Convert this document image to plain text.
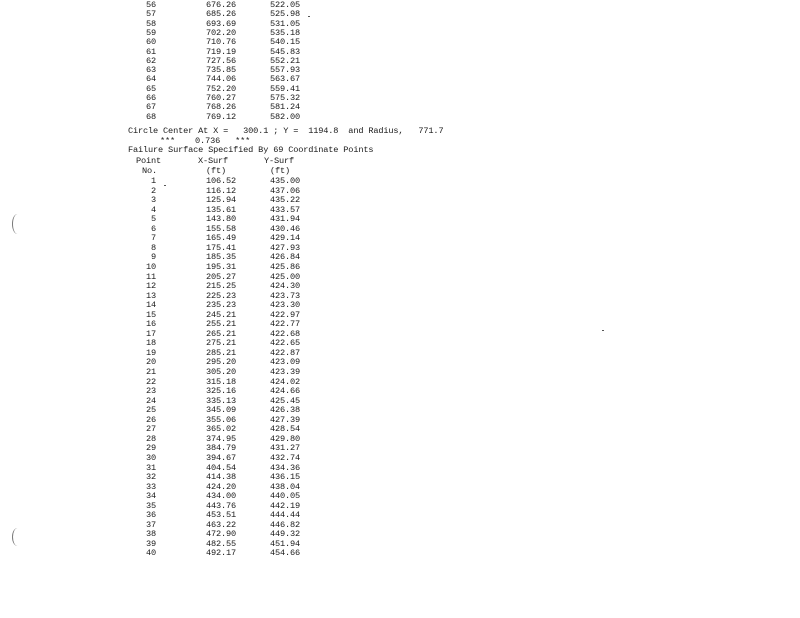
56	676.26	522.05
57	685.26	525.98
58	693.69	531.05
59	702.20	535.18
60	710.76	540.15
61	719.19	545.83
62	727.56	552.21
63	735.85	557.93
64	744.06	563.67
65	752.20	559.41
66	760.27	575.32
67	768.26	581.24
68	769.12	582.00
Circle Center At X =   300.1 ; Y =  1194.8  and Radius,   771.7
***    0.736   ***
Failure Surface Specified By 69 Coordinate Points
Point	X-Surf	Y-Surf
No.	(ft)	(ft)
1	106.52	435.00
2	116.12	437.06
3	125.94	435.22
4	135.61	433.57
5	143.80	431.94
6	155.58	430.46
7	165.49	429.14
8	175.41	427.93
9	185.35	426.84
10	195.31	425.86
11	205.27	425.00
12	215.25	424.30
13	225.23	423.73
14	235.23	423.30
15	245.21	422.97
16	255.21	422.77
17	265.21	422.68
18	275.21	422.65
19	285.21	422.87
20	295.20	423.09
21	305.20	423.39
22	315.18	424.02
23	325.16	424.66
24	335.13	425.45
25	345.09	426.38
26	355.06	427.39
27	365.02	428.54
28	374.95	429.80
29	384.79	431.27
30	394.67	432.74
31	404.54	434.36
32	414.38	436.15
33	424.20	438.04
34	434.00	440.05
35	443.76	442.19
36	453.51	444.44
37	463.22	446.82
38	472.90	449.32
39	482.55	451.94
40	492.17	454.66
